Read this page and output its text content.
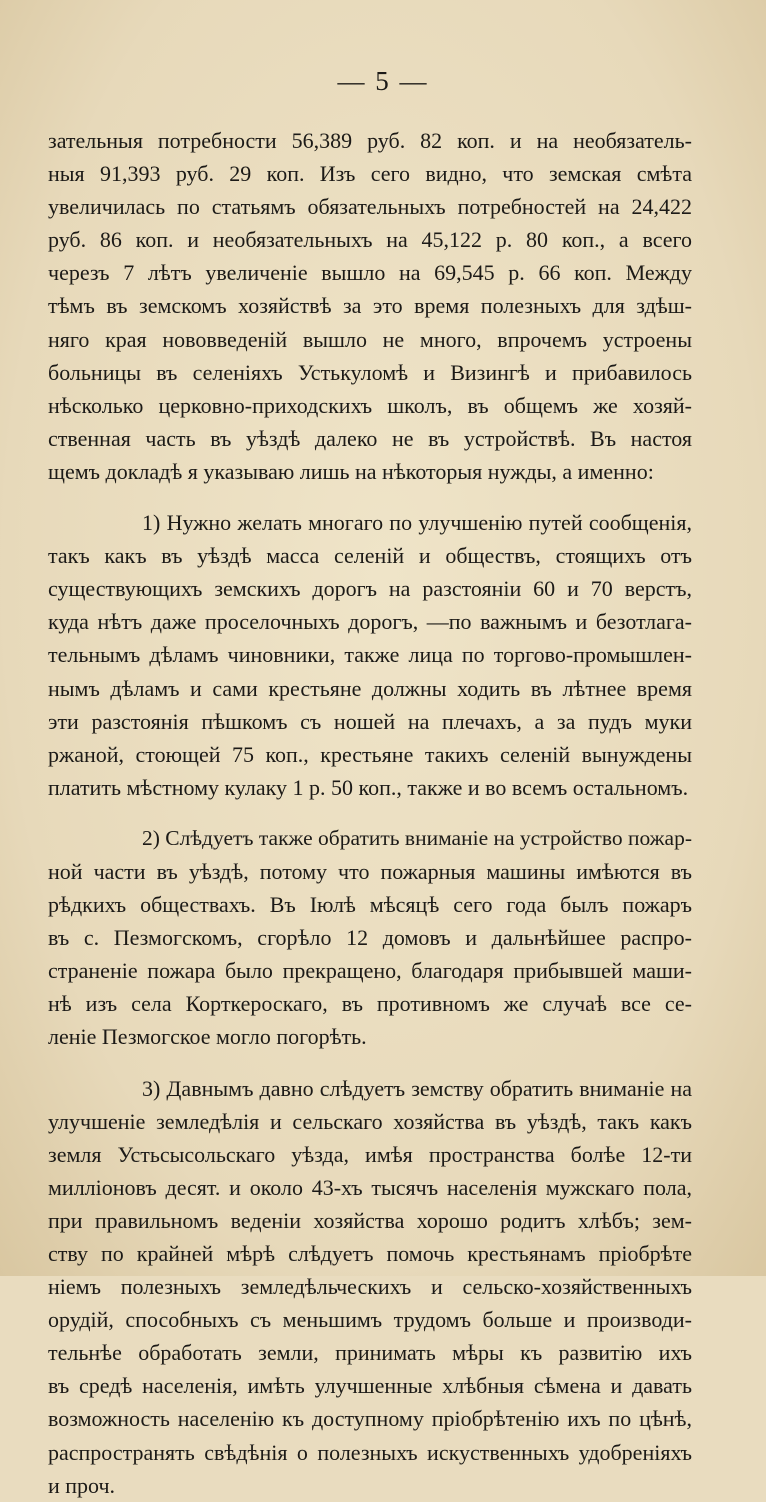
— 5 —
зательныя потребности 56,389 руб. 82 коп. и на необязатель-
ныя 91,393 руб. 29 коп. Изъ сего видно, что земская смѣта
увеличилась по статьямъ обязательныхъ потребностей на 24,422
руб. 86 коп. и необязательныхъ на 45,122 р. 80 коп., а всего
черезъ 7 лѣтъ увеличеніе вышло на 69,545 р. 66 коп. Между
тѣмъ въ земскомъ хозяйствѣ за это время полезныхъ для здѣш-
няго края нововведеній вышло не много, впрочемъ устроены
больницы въ селеніяхъ Устькуломѣ и Визингѣ и прибавилось
нѣсколько церковно-приходскихъ школъ, въ общемъ же хозяй-
ственная часть въ уѣздѣ далеко не въ устройствѣ. Въ настоя
щемъ докладѣ я указываю лишь на нѣкоторыя нужды, а именно:
1) Нужно желать многаго по улучшенію путей сообщенія,
такъ какъ въ уѣздѣ масса селеній и обществъ, стоящихъ отъ
существующихъ земскихъ дорогъ на разстояніи 60 и 70 верстъ,
куда нѣтъ даже проселочныхъ дорогъ, —по важнымъ и безотлага-
тельнымъ дѣламъ чиновники, также лица по торгово-промышлен-
нымъ дѣламъ и сами крестьяне должны ходить въ лѣтнее время
эти разстоянія пѣшкомъ съ ношей на плечахъ, а за пудъ муки
ржаной, стоющей 75 коп., крестьяне такихъ селеній вынуждены
платить мѣстному кулаку 1 р. 50 коп., также и во всемъ остальномъ.
2) Слѣдуетъ также обратить вниманіе на устройство пожар-
ной части въ уѣздѣ, потому что пожарныя машины имѣются въ
рѣдкихъ обществахъ. Въ Іюлѣ мѣсяцѣ сего года былъ пожаръ
въ с. Пезмогскомъ, сгорѣло 12 домовъ и дальнѣйшее распро-
страненіе пожара было прекращено, благодаря прибывшей маши-
нѣ изъ села Корткероскаго, въ противномъ же случаѣ все се-
леніе Пезмогское могло погорѣть.
3) Давнымъ давно слѣдуетъ земству обратить вниманіе на
улучшеніе земледѣлія и сельскаго хозяйства въ уѣздѣ, такъ какъ
земля Устьсысольскаго уѣзда, имѣя пространства болѣе 12-ти
милліоновъ десят. и около 43-хъ тысячъ населенія мужскаго пола,
при правильномъ веденіи хозяйства хорошо родитъ хлѣбъ; зем-
ству по крайней мѣрѣ слѣдуетъ помочь крестьянамъ пріобрѣте
ніемъ полезныхъ земледѣльческихъ и сельско-хозяйственныхъ
орудій, способныхъ съ меньшимъ трудомъ больше и производи-
тельнѣе обработать земли, принимать мѣры къ развитію ихъ
въ средѣ населенія, имѣть улучшенные хлѣбныя сѣмена и давать
возможность населенію къ доступному пріобрѣтенію ихъ по цѣнѣ,
распространять свѣдѣнія о полезныхъ искуственныхъ удобреніяхъ
и проч.
